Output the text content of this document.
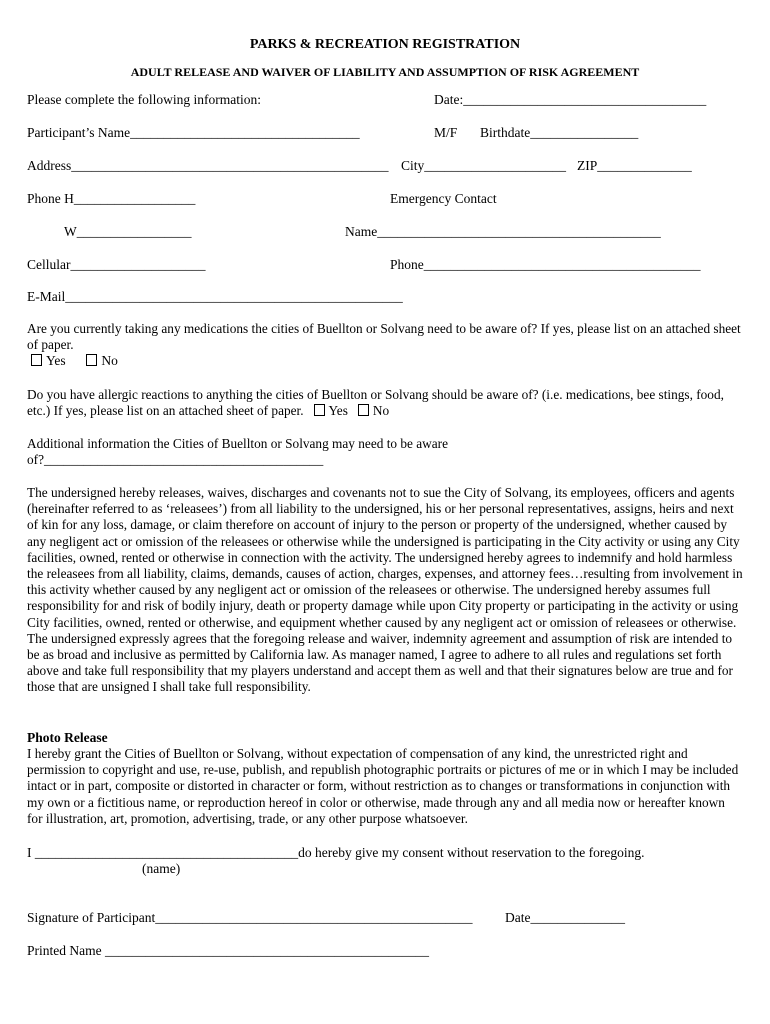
PARKS & RECREATION REGISTRATION
ADULT RELEASE AND WAIVER OF LIABILITY AND ASSUMPTION OF RISK AGREEMENT
Please complete the following information:	Date:____________________________________
Participant’s Name__________________________________	M/F Birthdate________________
Address_______________________________________________ City_____________________ ZIP______________
Phone H__________________	Emergency Contact
W_________________	Name__________________________________________
Cellular____________________	Phone_________________________________________
E-Mail__________________________________________________

Are you currently taking any medications the cities of Buellton or Solvang need to be aware of? If yes, please list on an attached sheet of paper.

Yes	No

Do you have allergic reactions to anything the cities of Buellton or Solvang should be aware of? (i.e. medications, bee stings, food, etc.) If yes, please list on an attached sheet of paper. Yes No

Additional information the Cities of Buellton or Solvang may need to be aware of?__________________________________________

The undersigned hereby releases, waives, discharges and covenants not to sue the City of Solvang, its employees, officers and agents (hereinafter referred to as ‘releasees’) from all liability to the undersigned, his or her personal representatives, assigns, heirs and next of kin for any loss, damage, or claim therefore on account of injury to the person or property of the undersigned, whether caused by any negligent act or omission of the releasees or otherwise while the undersigned is participating in the City activity or using any City facilities, owned, rented or otherwise in connection with the activity. The undersigned hereby agrees to indemnify and hold harmless the releasees from all liability, claims, demands, causes of action, charges, expenses, and attorney fees…resulting from involvement in this activity whether caused by any negligent act or omission of the releasees or otherwise. The undersigned hereby assumes full responsibility for and risk of bodily injury, death or property damage while upon City property or participating in the activity or using City facilities, owned, rented or otherwise, and equipment whether caused by any negligent act or omission of releasees or otherwise. The undersigned expressly agrees that the foregoing release and waiver, indemnity agreement and assumption of risk are intended to be as broad and inclusive as permitted by California law. As manager named, I agree to adhere to all rules and regulations set forth above and take full responsibility that my players understand and accept them as well and that their signatures below are true and for those that are unsigned I shall take full responsibility.

Photo Release

I hereby grant the Cities of Buellton or Solvang, without expectation of compensation of any kind, the unrestricted right and permission to copyright and use, re-use, publish, and republish photographic portraits or pictures of me or in which I may be included intact or in part, composite or distorted in character or form, without restriction as to changes or transformations in conjunction with my own or a fictitious name, or reproduction hereof in color or otherwise, made through any and all media now or hereafter known for illustration, art, promotion, advertising, trade, or any other purpose whatsoever.

I _______________________________________do hereby give my consent without reservation to the foregoing.
(name)
Signature of Participant_______________________________________________ Date______________
Printed Name ________________________________________________
